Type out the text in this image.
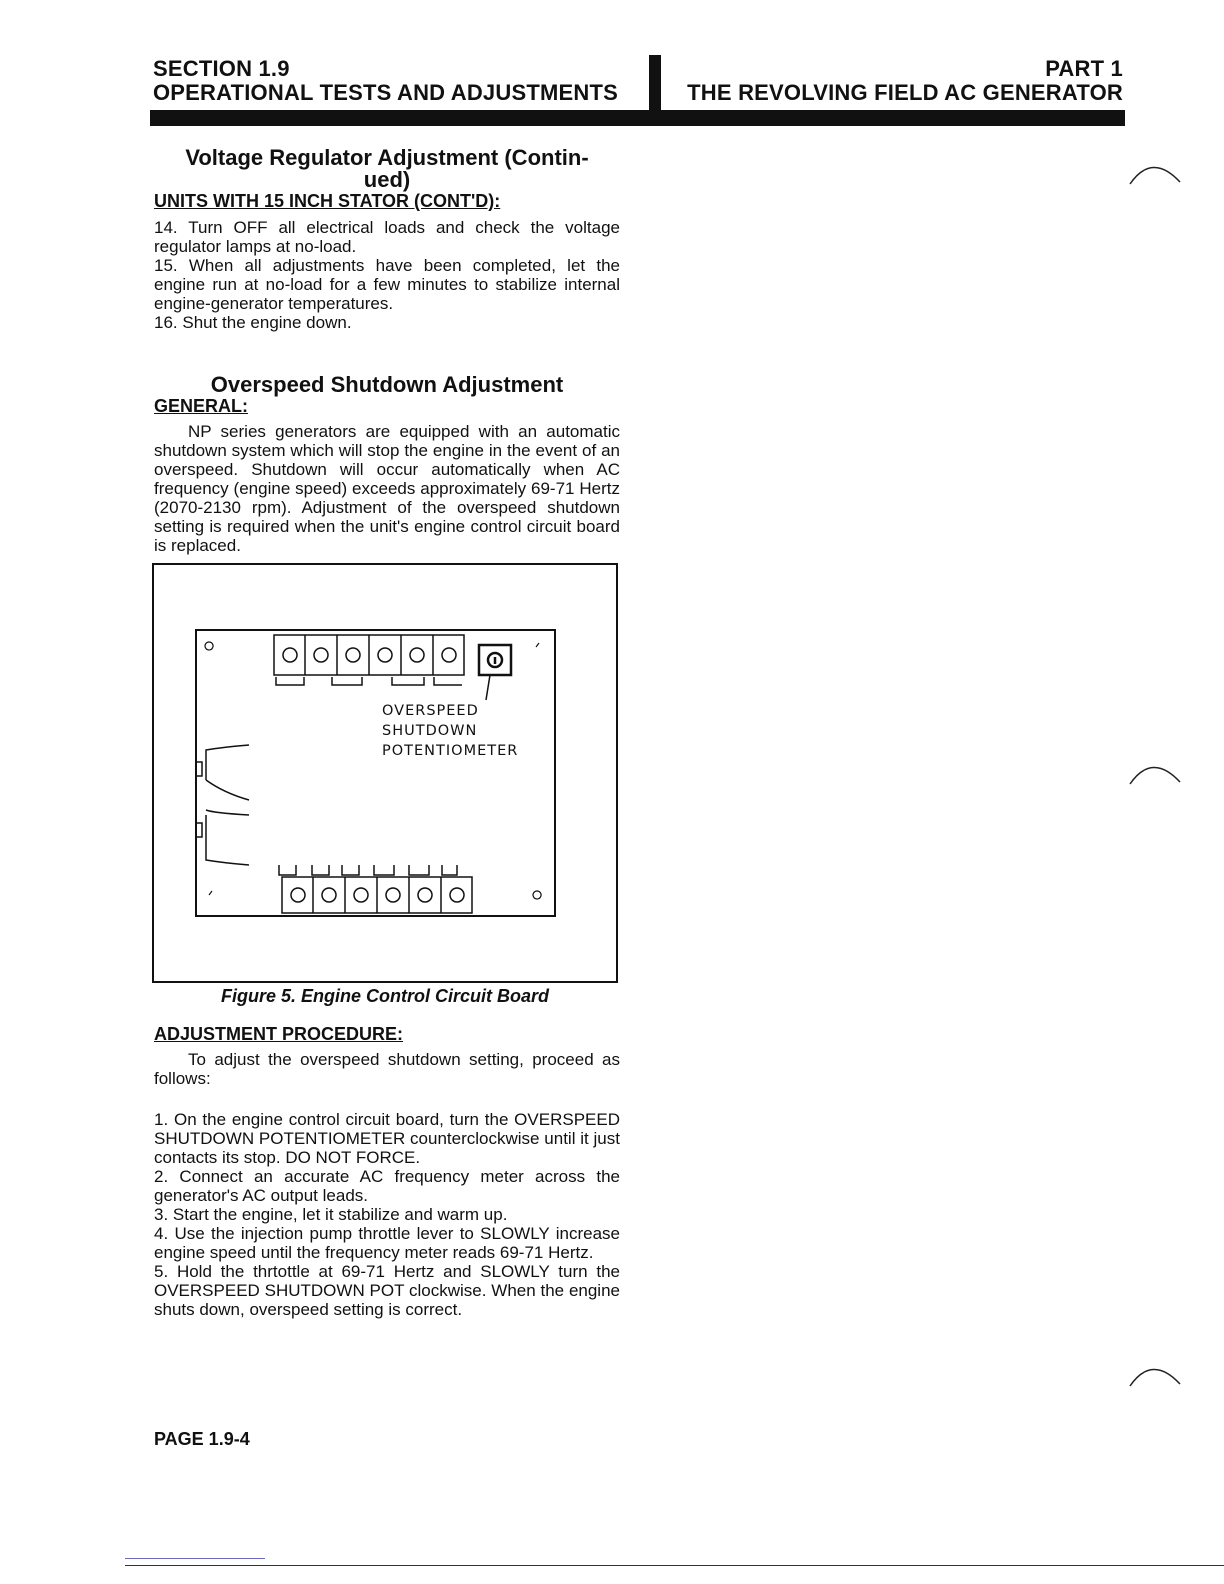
SECTION 1.9
OPERATIONAL TESTS AND ADJUSTMENTS
PART 1
THE REVOLVING FIELD AC GENERATOR
Voltage Regulator Adjustment (Contin-
ued)
UNITS WITH 15 INCH STATOR (CONT'D):
14. Turn OFF all electrical loads and check the voltage regulator lamps at no-load.
15. When all adjustments have been completed, let the engine run at no-load for a few minutes to stabilize internal engine-generator temperatures.
16. Shut the engine down.
Overspeed Shutdown Adjustment
GENERAL:

NP series generators are equipped with an automatic shutdown system which will stop the engine in the event of an overspeed. Shutdown will occur automatically when AC frequency (engine speed) exceeds approximately 69-71 Hertz (2070-2130 rpm). Adjustment of the overspeed shutdown setting is required when the unit's engine control circuit board is replaced.

OVERSPEED
SHUTDOWN
POTENTIOMETER
Figure 5. Engine Control Circuit Board
ADJUSTMENT PROCEDURE:

To adjust the overspeed shutdown setting, proceed as follows:

1. On the engine control circuit board, turn the OVERSPEED SHUTDOWN POTENTIOMETER counterclockwise until it just contacts its stop. DO NOT FORCE.
2. Connect an accurate AC frequency meter across the generator's AC output leads.
3. Start the engine, let it stabilize and warm up.
4. Use the injection pump throttle lever to SLOWLY increase engine speed until the frequency meter reads 69-71 Hertz.
5. Hold the thrtottle at 69-71 Hertz and SLOWLY turn the OVERSPEED SHUTDOWN POT clockwise. When the engine shuts down, overspeed setting is correct.
PAGE 1.9-4
